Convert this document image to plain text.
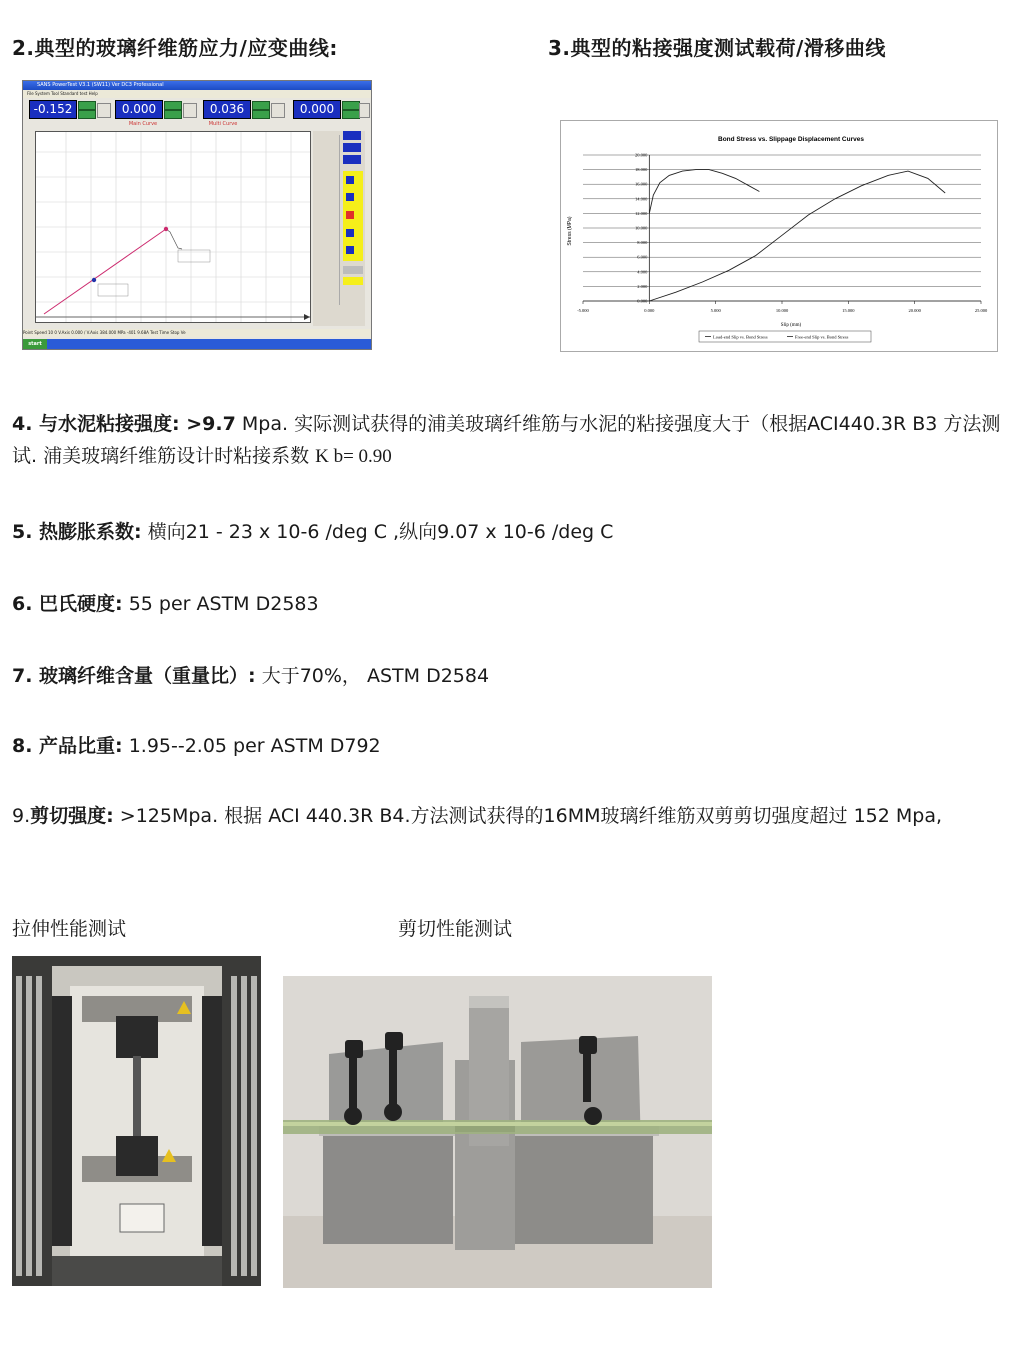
2.典型的玻璃纤维筋应力/应变曲线:	3.典型的粘接强度测试载荷/滑移曲线
SANS PowerTest V3.1 (SW11) Ver DC3 Professional
File System Tool Standard test Help
-0.152	0.000	0.036	0.000
Main Curve	Multi Curve
Point Speed 10 0 V.Axis 0.000 / V.Axis 384.000 MPa -401 9.68A Test Time Stop Ve
start
Bond Stress vs. Slippage Displacement Curves
Stress (MPa)
Slip (mm)
0.000
2.000
4.000
6.000
8.000
10.000
12.000
14.000
16.000
18.000
20.000
-5.000	0.000	5.000	10.000	15.000	20.000	25.000
Load-end Slip vs. Bond Stress	Free-end Slip vs. Bond Stress
4. 与水泥粘接强度: >9.7 Mpa. 实际测试获得的浦美玻璃纤维筋与水泥的粘接强度大于（根据ACI440.3R B3 方法测试. 浦美玻璃纤维筋设计时粘接系数 K b= 0.90
5. 热膨胀系数: 横向21 - 23 x 10-6 /deg C ,纵向9.07 x 10-6 /deg C
6. 巴氏硬度: 55 per ASTM D2583
7. 玻璃纤维含量（重量比）: 大于70%， ASTM D2584
8. 产品比重: 1.95--2.05 per ASTM D792
9.剪切强度: >125Mpa. 根据 ACI 440.3R B4.方法测试获得的16MM玻璃纤维筋双剪剪切强度超过 152 Mpa,
拉伸性能测试	剪切性能测试
